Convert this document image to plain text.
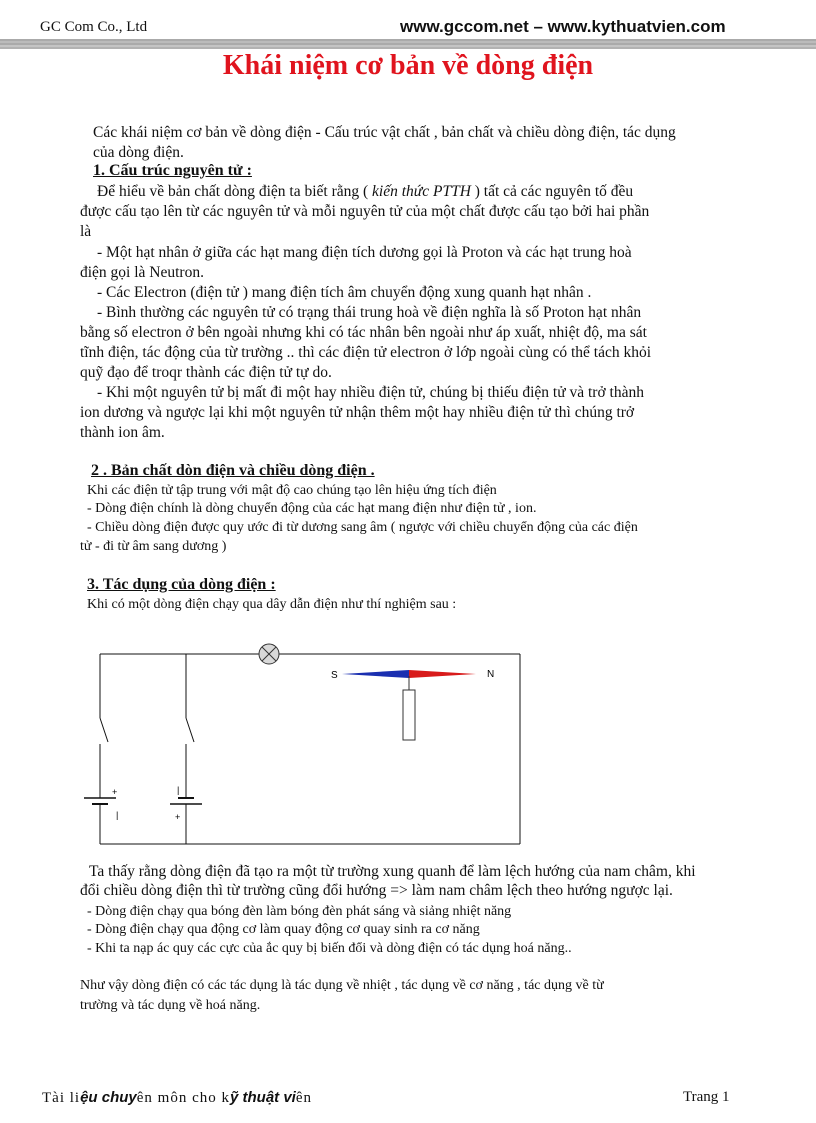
GC Com Co., Ltd	www.gccom.net – www.kythuatvien.com
Khái niệm cơ bản về dòng điện
Các khái niệm cơ bản về dòng điện - Cấu trúc vật chất , bản chất và chiều dòng điện, tác dụng
của dòng điện.
1. Cấu trúc nguyên tử :
Để hiểu về bản chất dòng điện ta biết rằng ( kiến thức PTTH ) tất cả các nguyên tố đều
được cấu tạo lên từ các nguyên tử và mỗi nguyên tử của một chất được cấu tạo bởi hai phần
là
- Một hạt nhân ở giữa các hạt mang điện tích dương gọi là Proton và các hạt trung hoà
điện gọi là Neutron.
- Các Electron (điện tử ) mang điện tích âm chuyển động xung quanh hạt nhân .
- Bình thường các nguyên tử có trạng thái trung hoà về điện nghĩa là số Proton hạt nhân
bằng số electron ở bên ngoài nhưng khi có tác nhân bên ngoài như áp xuất, nhiệt độ, ma sát
tĩnh điện, tác động của từ trường .. thì các điện tử electron ở lớp ngoài cùng có thể tách khỏi
quỹ đạo để troqr thành các điện tử tự do.
- Khi một nguyên tử bị mất đi một hay nhiều điện tử, chúng bị thiếu điện tử và trở thành
ion dương và ngược lại khi một nguyên tử nhận thêm một hay nhiều điện tử thì chúng trở
thành ion âm.
2 . Bản chất dòn điện và chiều dòng điện .
Khi các điện tử tập trung với mật độ cao chúng tạo lên hiệu ứng tích điện
- Dòng điện chính là dòng chuyển động của các hạt mang điện như điện tử , ion.
- Chiều dòng điện được quy ước đi từ dương sang âm ( ngược với chiều chuyển động của các điện
tử - đi từ âm sang dương )
3. Tác dụng của dòng điện :
Khi có một dòng điện chạy qua dây dẫn điện như thí nghiệm sau :
+
|
|
+
S	N
Ta thấy rằng dòng điện đã tạo ra một từ trường xung quanh để làm lệch hướng của nam châm, khi
đổi chiều dòng điện thì từ trường cũng đổi hướng => làm nam châm lệch theo hướng ngược lại.
- Dòng điện chạy qua bóng đèn làm bóng đèn phát sáng và siảng nhiệt năng
- Dòng điện chạy qua động cơ làm quay động cơ quay sinh ra cơ năng
- Khi ta nạp ác quy các cực của ắc quy bị biến đổi và dòng điện có tác dụng hoá năng..
Như vậy dòng điện có các tác dụng là tác dụng về nhiệt , tác dụng về cơ năng , tác dụng về từ
trường và tác dụng về hoá năng.
Tài liệu chuyên môn cho kỹ thuật viên	Trang 1
